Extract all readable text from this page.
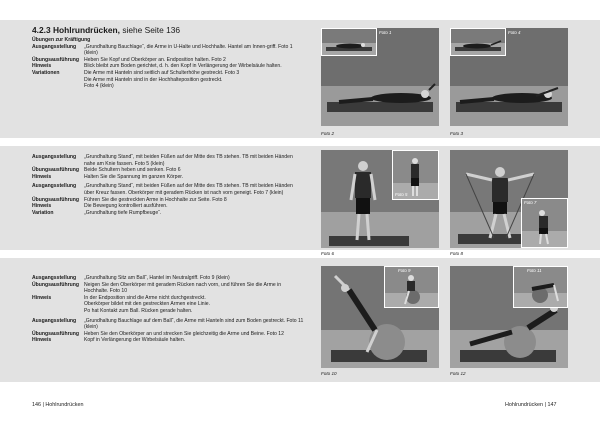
4.2.3 Hohlrundrücken, siehe Seite 136
Übungen zur Kräftigung
Ausgangsstellung	„Grundhaltung Bauchlage“, die Arme in U-Halte und Hochhalte. Hantel am Innen-griff. Foto 1 (klein)
Übungsausführung Heben Sie Kopf und Oberkörper an. Endposition halten. Foto 2
Hinweis	Blick bleibt zum Boden gerichtet, d. h. den Kopf in Verlängerung der Wirbelsäule halten.
Variationen	Die Arme mit Hanteln sind seitlich auf Schulterhöhe gestreckt. Foto 3
Die Arme mit Hanteln sind in der Hochhalteposition gestreckt.
Foto 4 (klein)
Ausgangsstellung	„Grundhaltung Stand“, mit beiden Füßen auf der Mitte des TB stehen. TB mit beiden Händen nahe am Knie fassen. Foto 5 (klein)
Übungsausführung Beide Schultern heben und senken. Foto 6
Hinweis	Halten Sie die Spannung im ganzen Körper.
Ausgangsstellung	„Grundhaltung Stand“, mit beiden Füßen auf der Mitte des TB stehen. TB mit beiden Händen über Kreuz fassen. Oberkörper mit geradem Rücken ist nach vorn geneigt. Foto 7 (klein)
Übungsausführung Führen Sie die gestreckten Arme in Hochhalte zur Seite. Foto 8
Hinweis	Die Bewegung kontrolliert ausführen.
Variation	„Grundhaltung tiefe Rumpfbeuge“.
Ausgangsstellung	„Grundhaltung Sitz am Ball“, Hantel im Neutralgriff. Foto 9 (klein)
Übungsausführung Neigen Sie den Oberkörper mit geradem Rücken nach vorn, und führen Sie die Arme in Hochhalte. Foto 10
Hinweis	In der Endposition sind die Arme nicht durchgestreckt.
Oberkörper bildet mit den gestreckten Armen eine Linie.
Po hat Kontakt zum Ball. Rücken gerade halten.
Ausgangsstellung	„Grundhaltung Bauchlage auf dem Ball“, die Arme mit Hanteln sind zum Boden gestreckt. Foto 11 (klein)
Übungsausführung Heben Sie den Oberkörper an und strecken Sie gleichzeitig die Arme und Beine. Foto 12
Hinweis	Kopf in Verlängerung der Wirbelsäule halten.
Foto 1
Foto 2
Foto 4
Foto 3
Foto 5
Foto 6
Foto 7
Foto 8
Foto 9
Foto 10
Foto 11
Foto 12
146 | Hohlrundrücken	Hohlrundrücken | 147
